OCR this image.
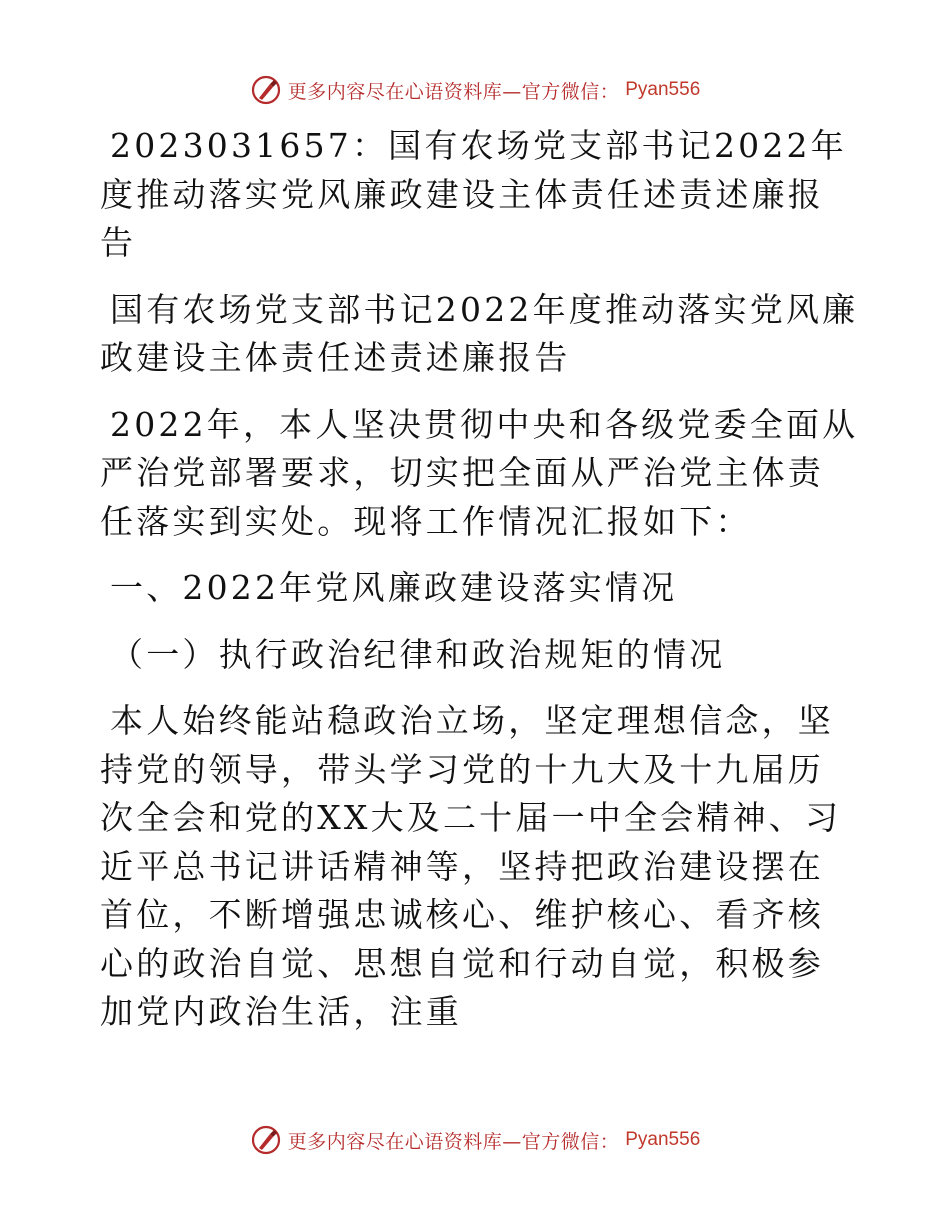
更多内容尽在心语资料库—官方微信： Pyan556

2023031657：国有农场党支部书记2022年度推动落实党风廉政建设主体责任述责述廉报告

国有农场党支部书记2022年度推动落实党风廉政建设主体责任述责述廉报告

2022年，本人坚决贯彻中央和各级党委全面从严治党部署要求，切实把全面从严治党主体责任落实到实处。现将工作情况汇报如下：

一、2022年党风廉政建设落实情况

（一）执行政治纪律和政治规矩的情况

本人始终能站稳政治立场，坚定理想信念，坚持党的领导，带头学习党的十九大及十九届历次全会和党的XX大及二十届一中全会精神、习近平总书记讲话精神等，坚持把政治建设摆在首位，不断增强忠诚核心、维护核心、看齐核心的政治自觉、思想自觉和行动自觉，积极参加党内政治生活，注重

更多内容尽在心语资料库—官方微信： Pyan556
